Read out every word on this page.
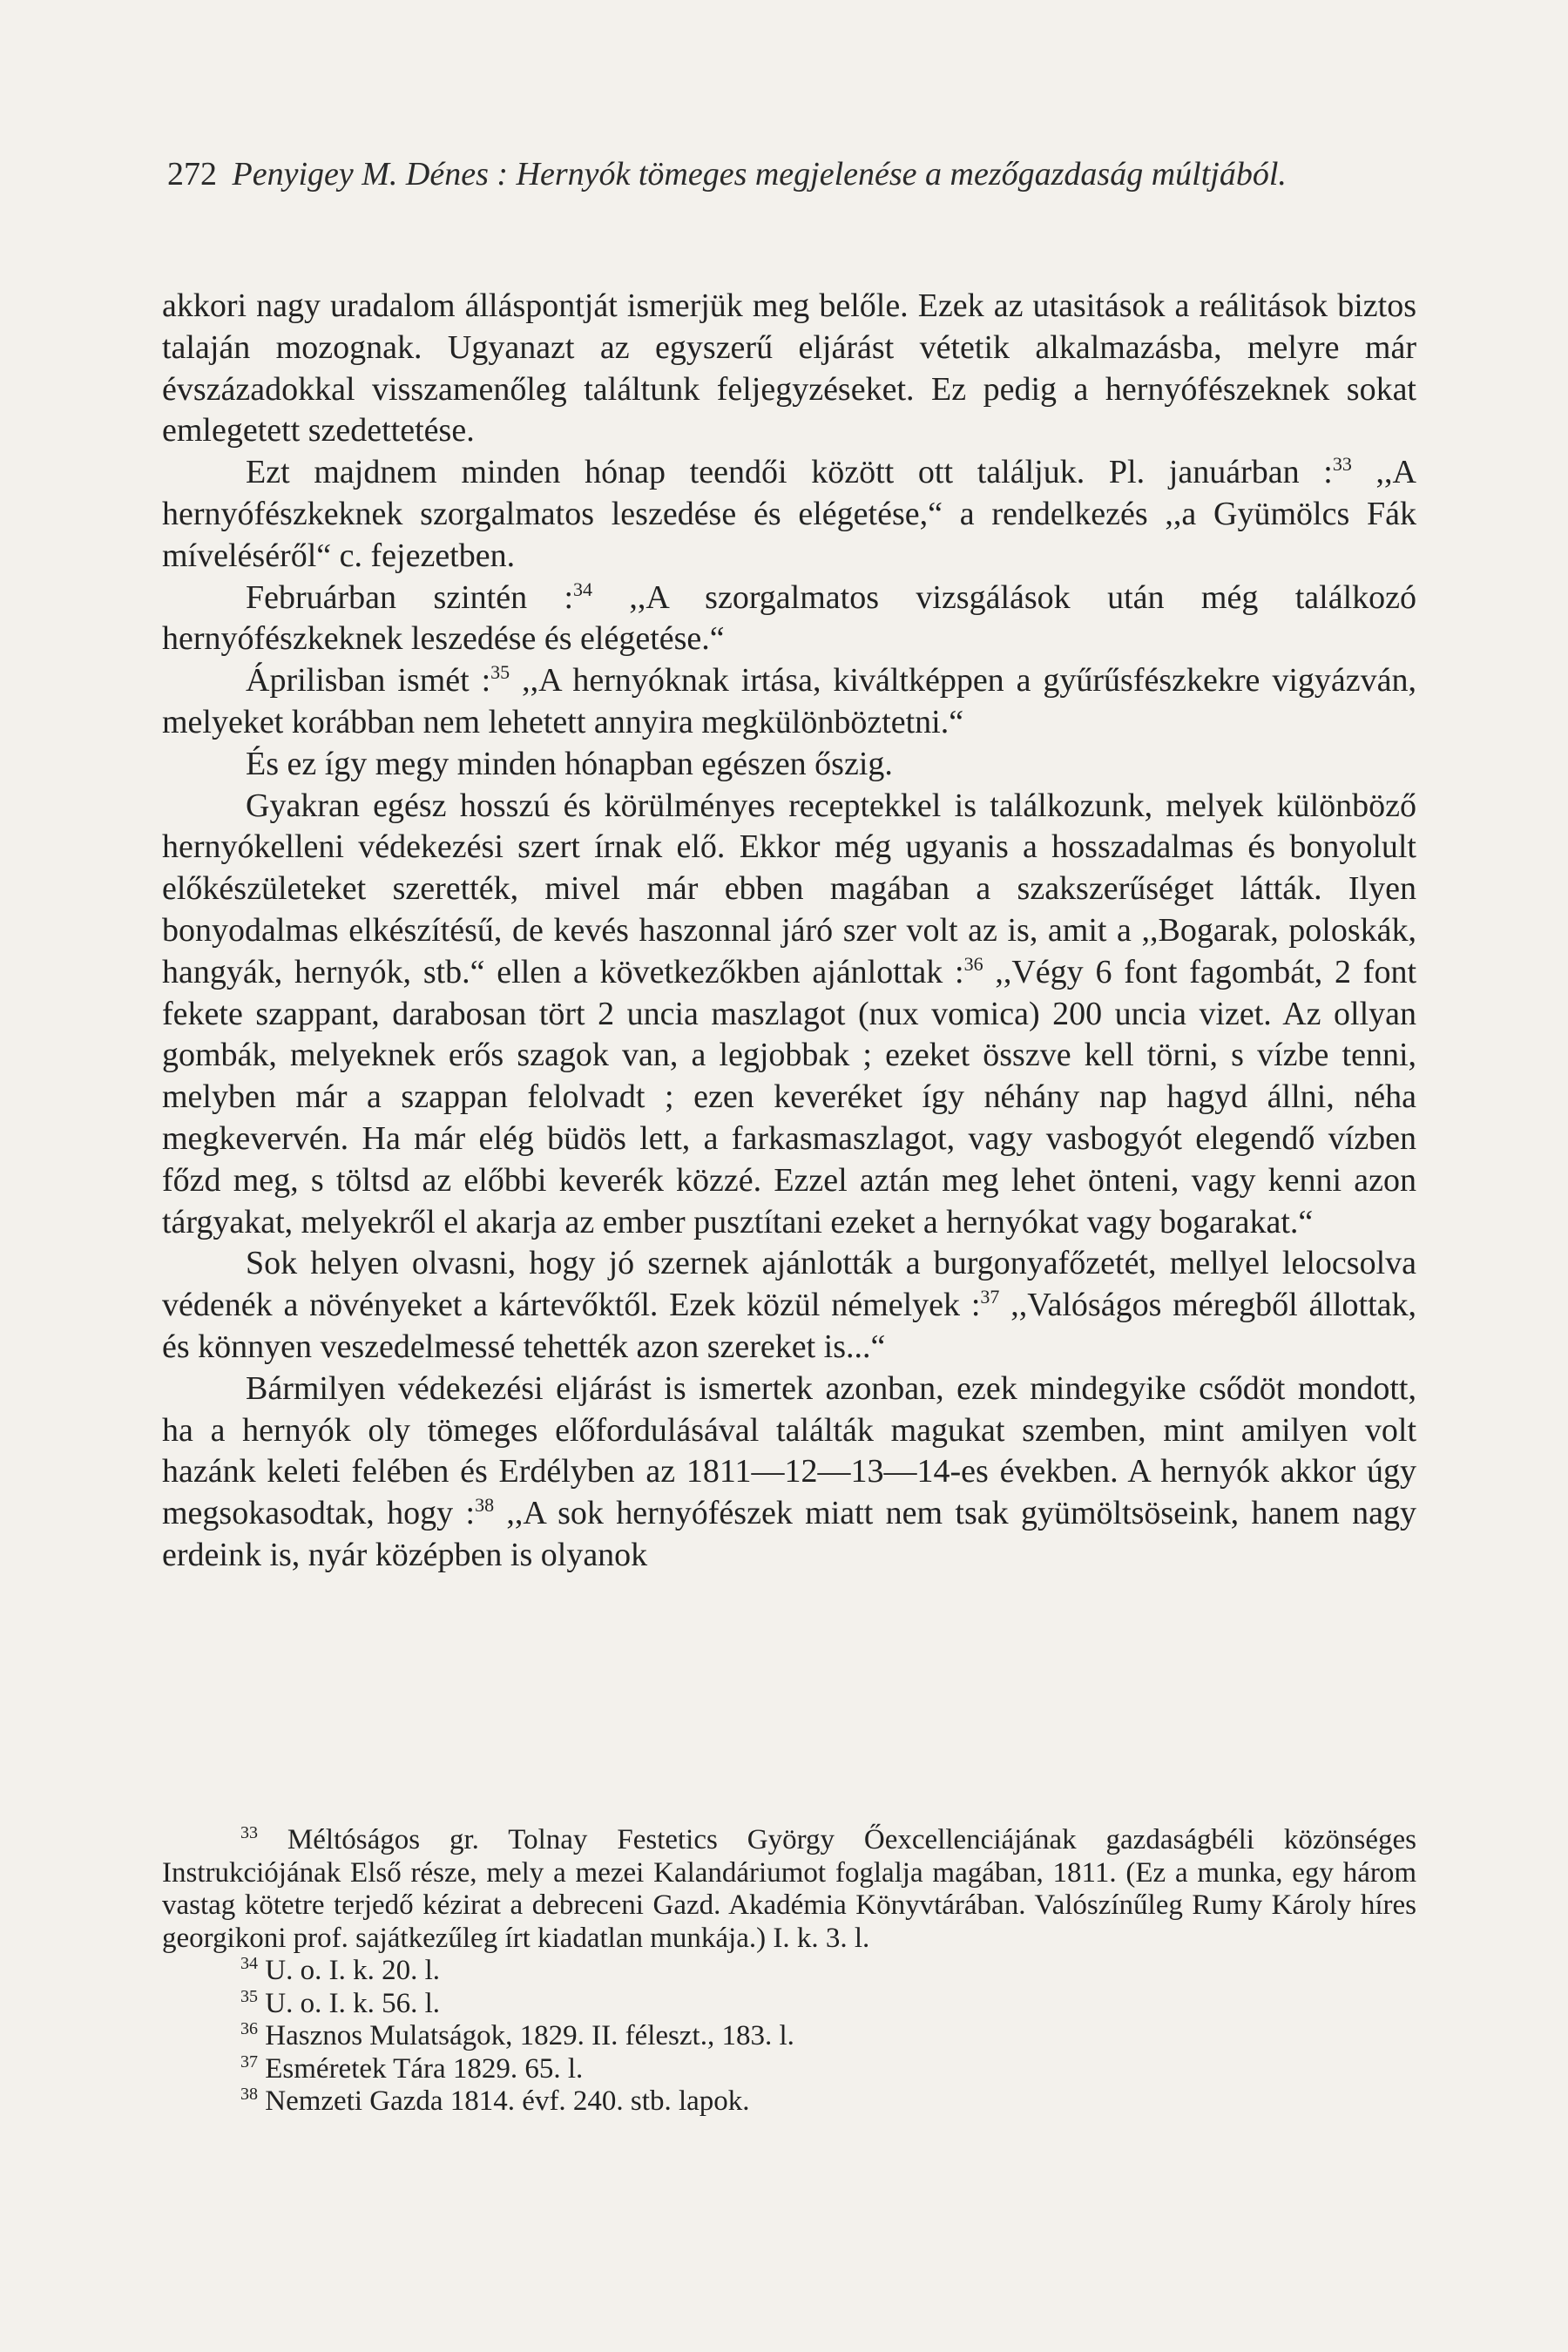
272 Penyigey M. Dénes : Hernyók tömeges megjelenése a mezőgazdaság múltjából.

akkori nagy uradalom álláspontját ismerjük meg belőle. Ezek az utasitások a reálitások biztos talaján mozognak. Ugyanazt az egyszerű eljárást vétetik alkalmazásba, melyre már évszázadokkal visszamenőleg találtunk feljegyzéseket. Ez pedig a hernyófészeknek sokat emlegetett szedettetése.

Ezt majdnem minden hónap teendői között ott találjuk. Pl. januárban :$^{33}$ ,,A hernyófészkeknek szorgalmatos leszedése és elégetése,“ a rendelkezés ,,a Gyümölcs Fák míveléséről“ c. fejezetben.

Februárban szintén :$^{34}$ ,,A szorgalmatos vizsgálások után még találkozó hernyófészkeknek leszedése és elégetése.“

Áprilisban ismét :$^{35}$ ,,A hernyóknak irtása, kiváltképpen a gyűrűsfészkekre vigyázván, melyeket korábban nem lehetett annyira megkülönböztetni.“

És ez így megy minden hónapban egészen őszig.

Gyakran egész hosszú és körülményes receptekkel is találkozunk, melyek különböző hernyókelleni védekezési szert írnak elő. Ekkor még ugyanis a hosszadalmas és bonyolult előkészületeket szerették, mivel már ebben magában a szakszerűséget látták. Ilyen bonyodalmas elkészítésű, de kevés haszonnal járó szer volt az is, amit a ,,Bogarak, poloskák, hangyák, hernyók, stb.“ ellen a következőkben ajánlottak :$^{36}$ ,,Végy 6 font fagombát, 2 font fekete szappant, darabosan tört 2 uncia maszlagot (nux vomica) 200 uncia vizet. Az ollyan gombák, melyeknek erős szagok van, a legjobbak ; ezeket összve kell törni, s vízbe tenni, melyben már a szappan felolvadt ; ezen keveréket így néhány nap hagyd állni, néha megkevervén. Ha már elég büdös lett, a farkasmaszlagot, vagy vasbogyót elegendő vízben főzd meg, s töltsd az előbbi keverék közzé. Ezzel aztán meg lehet önteni, vagy kenni azon tárgyakat, melyekről el akarja az ember pusztítani ezeket a hernyókat vagy bogarakat.“

Sok helyen olvasni, hogy jó szernek ajánlották a burgonyafőzetét, mellyel lelocsolva védenék a növényeket a kártevőktől. Ezek közül némelyek :$^{37}$ ,,Valóságos méregből állottak, és könnyen veszedelmessé tehették azon szereket is...“

Bármilyen védekezési eljárást is ismertek azonban, ezek mindegyike csődöt mondott, ha a hernyók oly tömeges előfordulásával találták magukat szemben, mint amilyen volt hazánk keleti felében és Erdélyben az 1811—12—13—14-es években. A hernyók akkor úgy megsokasodtak, hogy :$^{38}$ ,,A sok hernyófészek miatt nem tsak gyümöltsöseink, hanem nagy erdeink is, nyár középben is olyanok

$^{33}$ Méltóságos gr. Tolnay Festetics György Őexcellenciájának gazdaságbéli közönséges Instrukciójának Első része, mely a mezei Kalandáriumot foglalja magában, 1811. (Ez a munka, egy három vastag kötetre terjedő kézirat a debreceni Gazd. Akadémia Könyvtárában. Valószínűleg Rumy Károly híres georgikoni prof. sajátkezűleg írt kiadatlan munkája.) I. k. 3. l.

$^{34}$ U. o. I. k. 20. l.

$^{35}$ U. o. I. k. 56. l.

$^{36}$ Hasznos Mulatságok, 1829. II. féleszt., 183. l.

$^{37}$ Esméretek Tára 1829. 65. l.

$^{38}$ Nemzeti Gazda 1814. évf. 240. stb. lapok.
